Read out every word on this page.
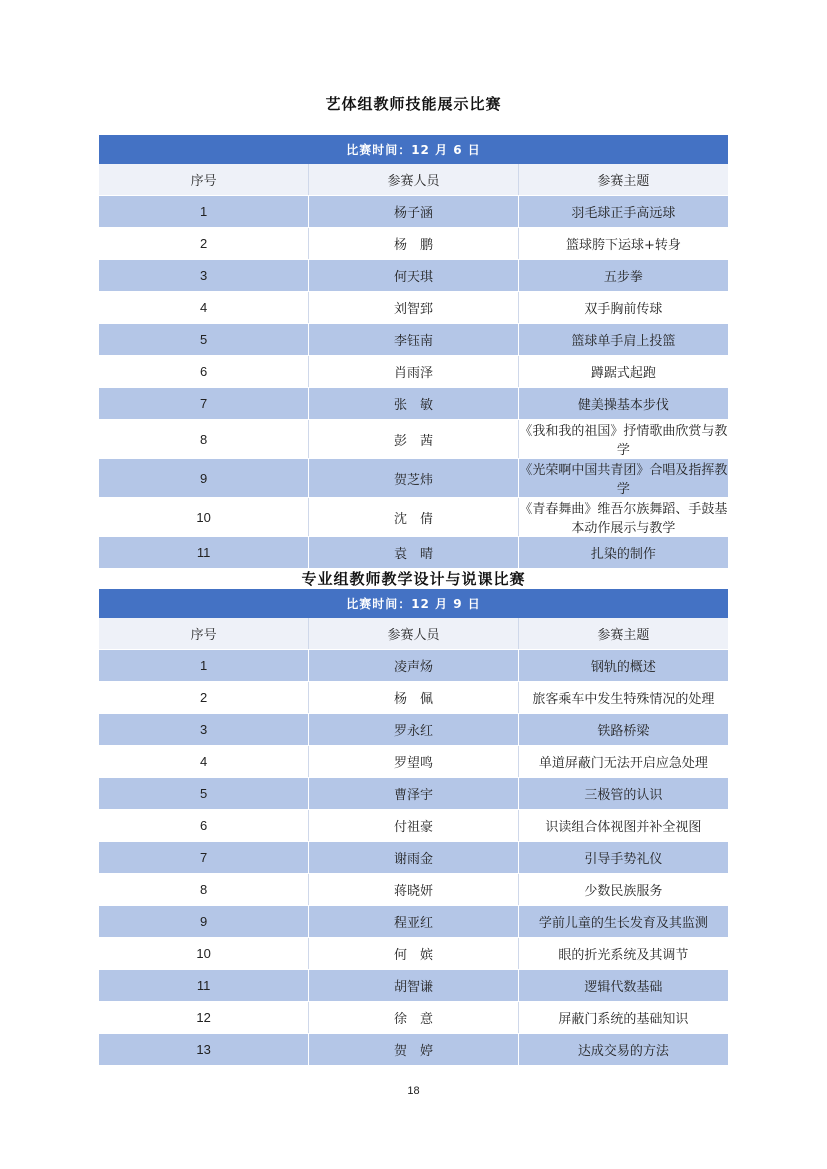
艺体组教师技能展示比赛
比赛时间：12 月 6 日		
序号	参赛人员	参赛主题
1	杨子涵	羽毛球正手高远球
2	杨　鹏	篮球胯下运球+转身
3	何天琪	五步拳
4	刘智郅	双手胸前传球
5	李钰南	篮球单手肩上投篮
6	肖雨泽	蹲踞式起跑
7	张　敏	健美操基本步伐
8	彭　茜	《我和我的祖国》抒情歌曲欣赏与教学
9	贺芝炜	《光荣啊中国共青团》合唱及指挥教学
10	沈　倩	《青春舞曲》维吾尔族舞蹈、手鼓基本动作展示与教学
11	袁　晴	扎染的制作
专业组教师教学设计与说课比赛
比赛时间：12 月 9 日		
序号	参赛人员	参赛主题
1	凌声炀	钢轨的概述
2	杨　佩	旅客乘车中发生特殊情况的处理
3	罗永红	铁路桥梁
4	罗望鸣	单道屏蔽门无法开启应急处理
5	曹泽宇	三极管的认识
6	付祖豪	识读组合体视图并补全视图
7	谢雨金	引导手势礼仪
8	蒋晓妍	少数民族服务
9	程亚红	学前儿童的生长发育及其监测
10	何　嫔	眼的折光系统及其调节
11	胡智谦	逻辑代数基础
12	徐　意	屏蔽门系统的基础知识
13	贺　婷	达成交易的方法
18
